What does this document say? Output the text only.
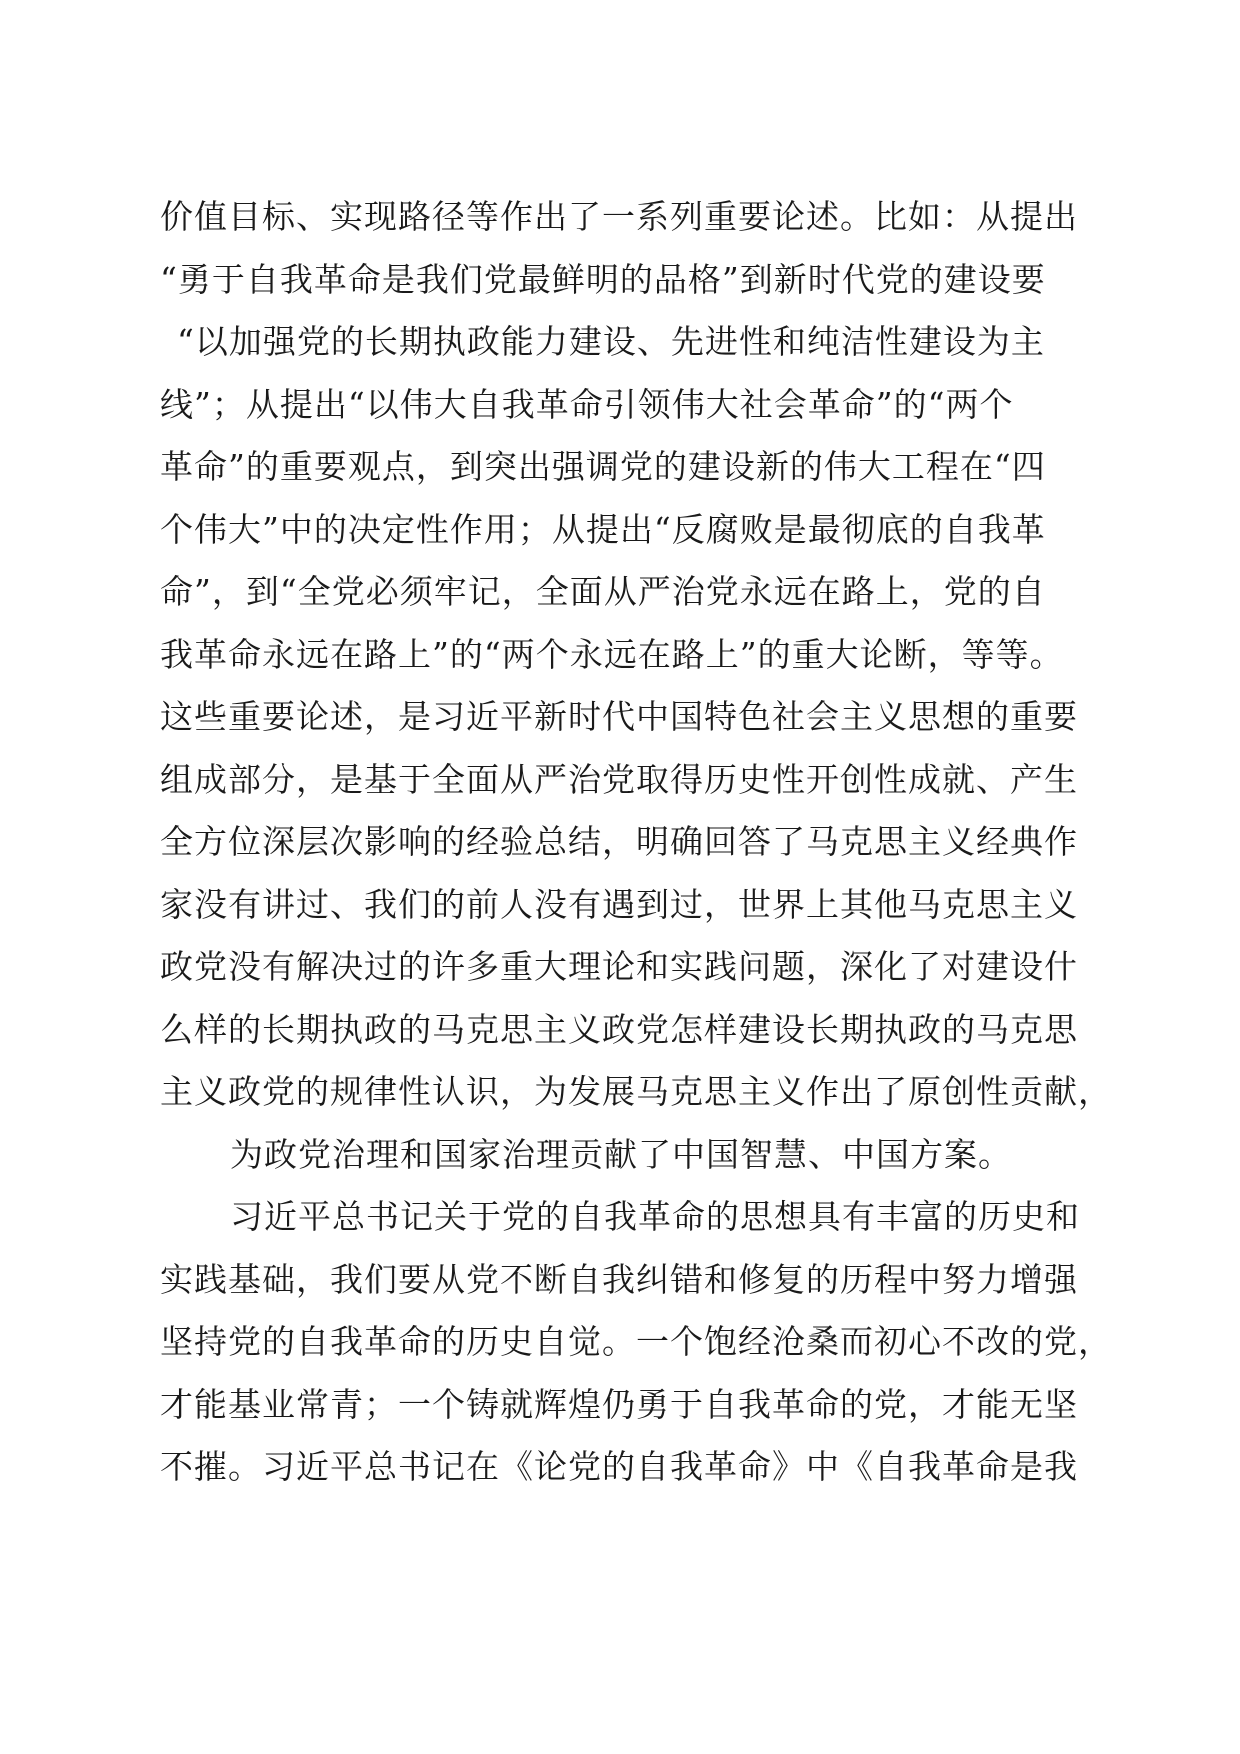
价值目标、实现路径等作出了一系列重要论述。比如：从提出
“勇于自我革命是我们党最鲜明的品格”到新时代党的建设要
“以加强党的长期执政能力建设、先进性和纯洁性建设为主
线”；从提出“以伟大自我革命引领伟大社会革命”的“两个
革命”的重要观点，到突出强调党的建设新的伟大工程在“四
个伟大”中的决定性作用；从提出“反腐败是最彻底的自我革
命”，到“全党必须牢记，全面从严治党永远在路上，党的自
我革命永远在路上”的“两个永远在路上”的重大论断，等等。
这些重要论述，是习近平新时代中国特色社会主义思想的重要
组成部分，是基于全面从严治党取得历史性开创性成就、产生
全方位深层次影响的经验总结，明确回答了马克思主义经典作
家没有讲过、我们的前人没有遇到过，世界上其他马克思主义
政党没有解决过的许多重大理论和实践问题，深化了对建设什
么样的长期执政的马克思主义政党怎样建设长期执政的马克思
主义政党的规律性认识，为发展马克思主义作出了原创性贡献，
为政党治理和国家治理贡献了中国智慧、中国方案。
习近平总书记关于党的自我革命的思想具有丰富的历史和
实践基础，我们要从党不断自我纠错和修复的历程中努力增强
坚持党的自我革命的历史自觉。一个饱经沧桑而初心不改的党，
才能基业常青；一个铸就辉煌仍勇于自我革命的党，才能无坚
不摧。习近平总书记在《论党的自我革命》中《自我革命是我
